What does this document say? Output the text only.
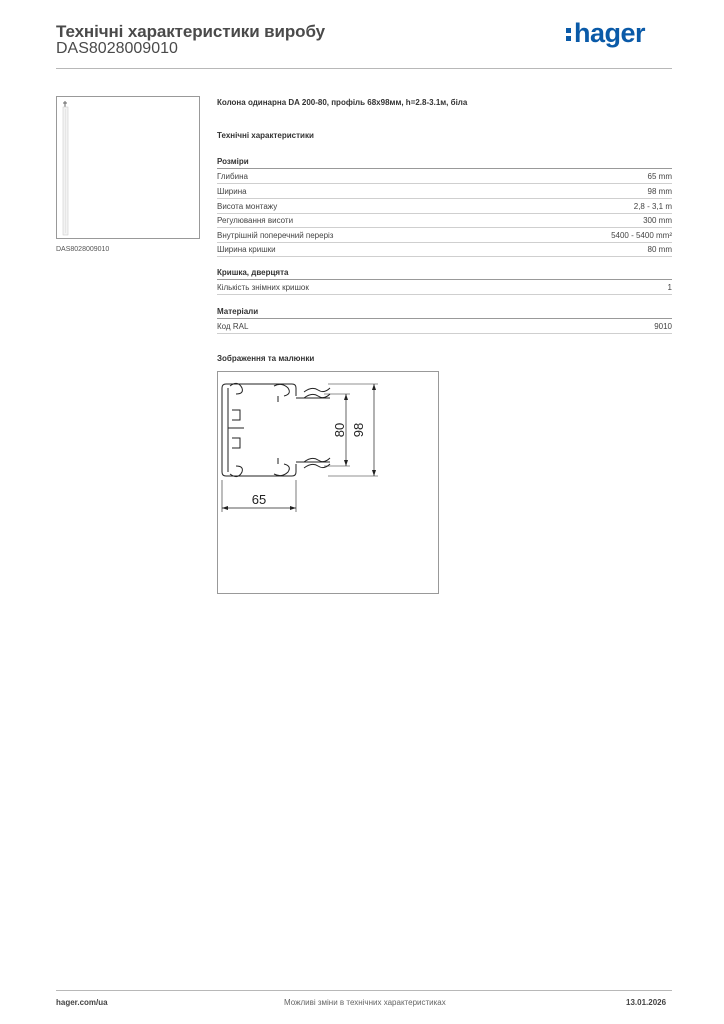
Технічні характеристики виробу
DAS8028009010
hager
DAS8028009010
Колона одинарна DA 200-80, профіль 68х98мм, h=2.8-3.1м, біла
Технічні характеристики
Розміри
Глибина	65 mm
Ширина	98 mm
Висота монтажу	2,8 - 3,1 m
Регулювання висоти	300 mm
Внутрішній поперечний переріз	5400 - 5400 mm²
Ширина кришки	80 mm
Кришка, дверцята
Кількість знімних кришок	1
Матеріали
Код RAL	9010
Зображення та малюнки
65
80 98
hager.com/ua	Можливі зміни в технічних характеристиках	13.01.2026
